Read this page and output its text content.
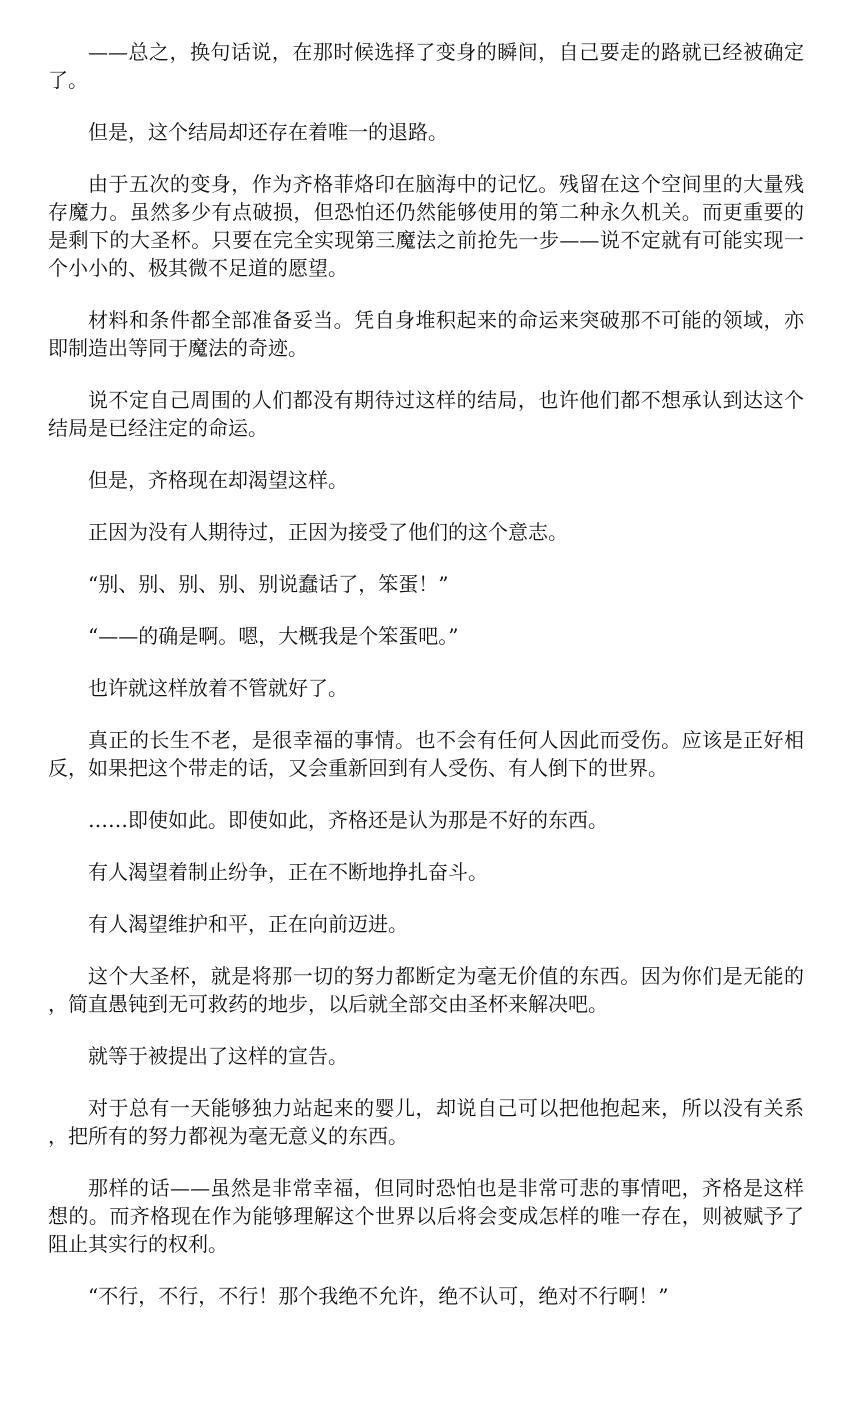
——总之，换句话说，在那时候选择了变身的瞬间，自己要走的路就已经被确定了。

但是，这个结局却还存在着唯一的退路。

由于五次的变身，作为齐格菲烙印在脑海中的记忆。残留在这个空间里的大量残存魔力。虽然多少有点破损，但恐怕还仍然能够使用的第二种永久机关。而更重要的是剩下的大圣杯。只要在完全实现第三魔法之前抢先一步——说不定就有可能实现一个小小的、极其微不足道的愿望。

材料和条件都全部准备妥当。凭自身堆积起来的命运来突破那不可能的领域，亦即制造出等同于魔法的奇迹。

说不定自己周围的人们都没有期待过这样的结局，也许他们都不想承认到达这个结局是已经注定的命运。

但是，齐格现在却渴望这样。

正因为没有人期待过，正因为接受了他们的这个意志。

“别、别、别、别、别说蠢话了，笨蛋！”

“——的确是啊。嗯，大概我是个笨蛋吧。”

也许就这样放着不管就好了。

真正的长生不老，是很幸福的事情。也不会有任何人因此而受伤。应该是正好相反，如果把这个带走的话，又会重新回到有人受伤、有人倒下的世界。

……即使如此。即使如此，齐格还是认为那是不好的东西。

有人渴望着制止纷争，正在不断地挣扎奋斗。

有人渴望维护和平，正在向前迈进。

这个大圣杯，就是将那一切的努力都断定为毫无价值的东西。因为你们是无能的，简直愚钝到无可救药的地步，以后就全部交由圣杯来解决吧。

就等于被提出了这样的宣告。

对于总有一天能够独力站起来的婴儿，却说自己可以把他抱起来，所以没有关系，把所有的努力都视为毫无意义的东西。

那样的话——虽然是非常幸福，但同时恐怕也是非常可悲的事情吧，齐格是这样想的。而齐格现在作为能够理解这个世界以后将会变成怎样的唯一存在，则被赋予了阻止其实行的权利。

“不行，不行，不行！那个我绝不允许，绝不认可，绝对不行啊！”
